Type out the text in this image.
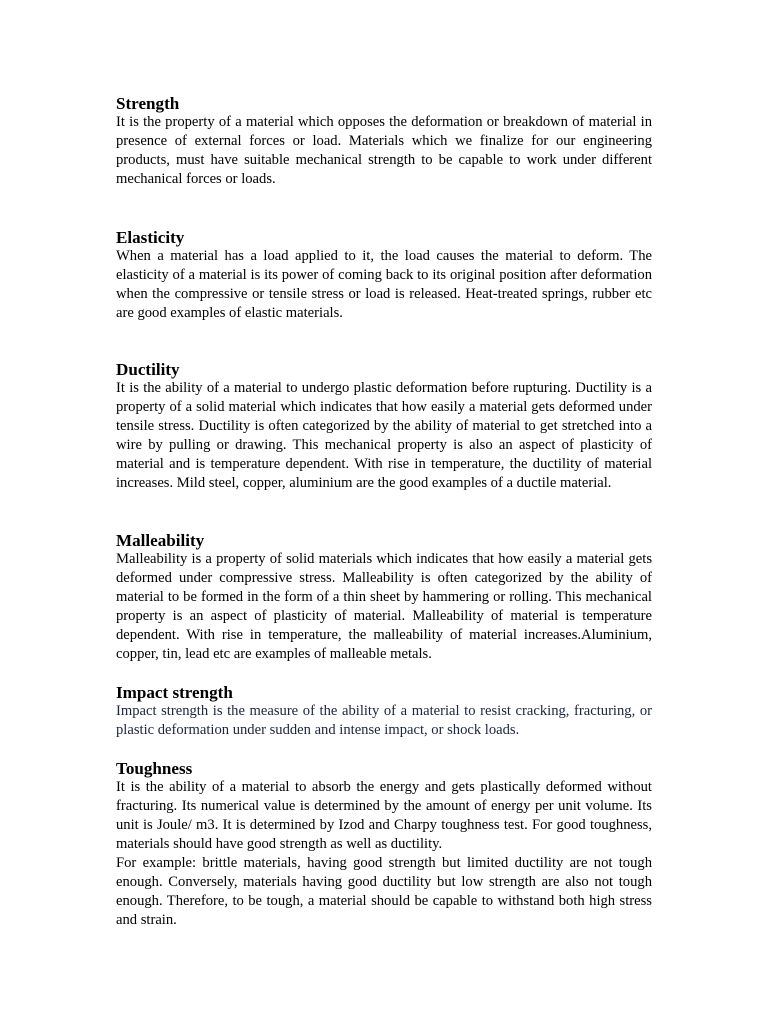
Strength

It is the property of a material which opposes the deformation or breakdown of material in presence of external forces or load. Materials which we finalize for our engineering products, must have suitable mechanical strength to be capable to work under different mechanical forces or loads.

Elasticity

When a material has a load applied to it, the load causes the material to deform. The elasticity of a material is its power of coming back to its original position after deformation when the compressive or tensile stress or load is released. Heat-treated springs, rubber etc are good examples of elastic materials.

Ductility

It is the ability of a material to undergo plastic deformation before rupturing. Ductility is a property of a solid material which indicates that how easily a material gets deformed under tensile stress. Ductility is often categorized by the ability of material to get stretched into a wire by pulling or drawing. This mechanical property is also an aspect of plasticity of material and is temperature dependent. With rise in temperature, the ductility of material increases. Mild steel, copper, aluminium are the good examples of a ductile material.

Malleability

Malleability is a property of solid materials which indicates that how easily a material gets deformed under compressive stress. Malleability is often categorized by the ability of material to be formed in the form of a thin sheet by hammering or rolling. This mechanical property is an aspect of plasticity of material. Malleability of material is temperature dependent. With rise in temperature, the malleability of material increases.Aluminium, copper, tin, lead etc are examples of malleable metals.

Impact strength

Impact strength is the measure of the ability of a material to resist cracking, fracturing, or plastic deformation under sudden and intense impact, or shock loads.

Toughness

It is the ability of a material to absorb the energy and gets plastically deformed without fracturing. Its numerical value is determined by the amount of energy per unit volume. Its unit is Joule/ m3. It is determined by Izod and Charpy toughness test. For good toughness, materials should have good strength as well as ductility.

For example: brittle materials, having good strength but limited ductility are not tough enough. Conversely, materials having good ductility but low strength are also not tough enough. Therefore, to be tough, a material should be capable to withstand both high stress and strain.
